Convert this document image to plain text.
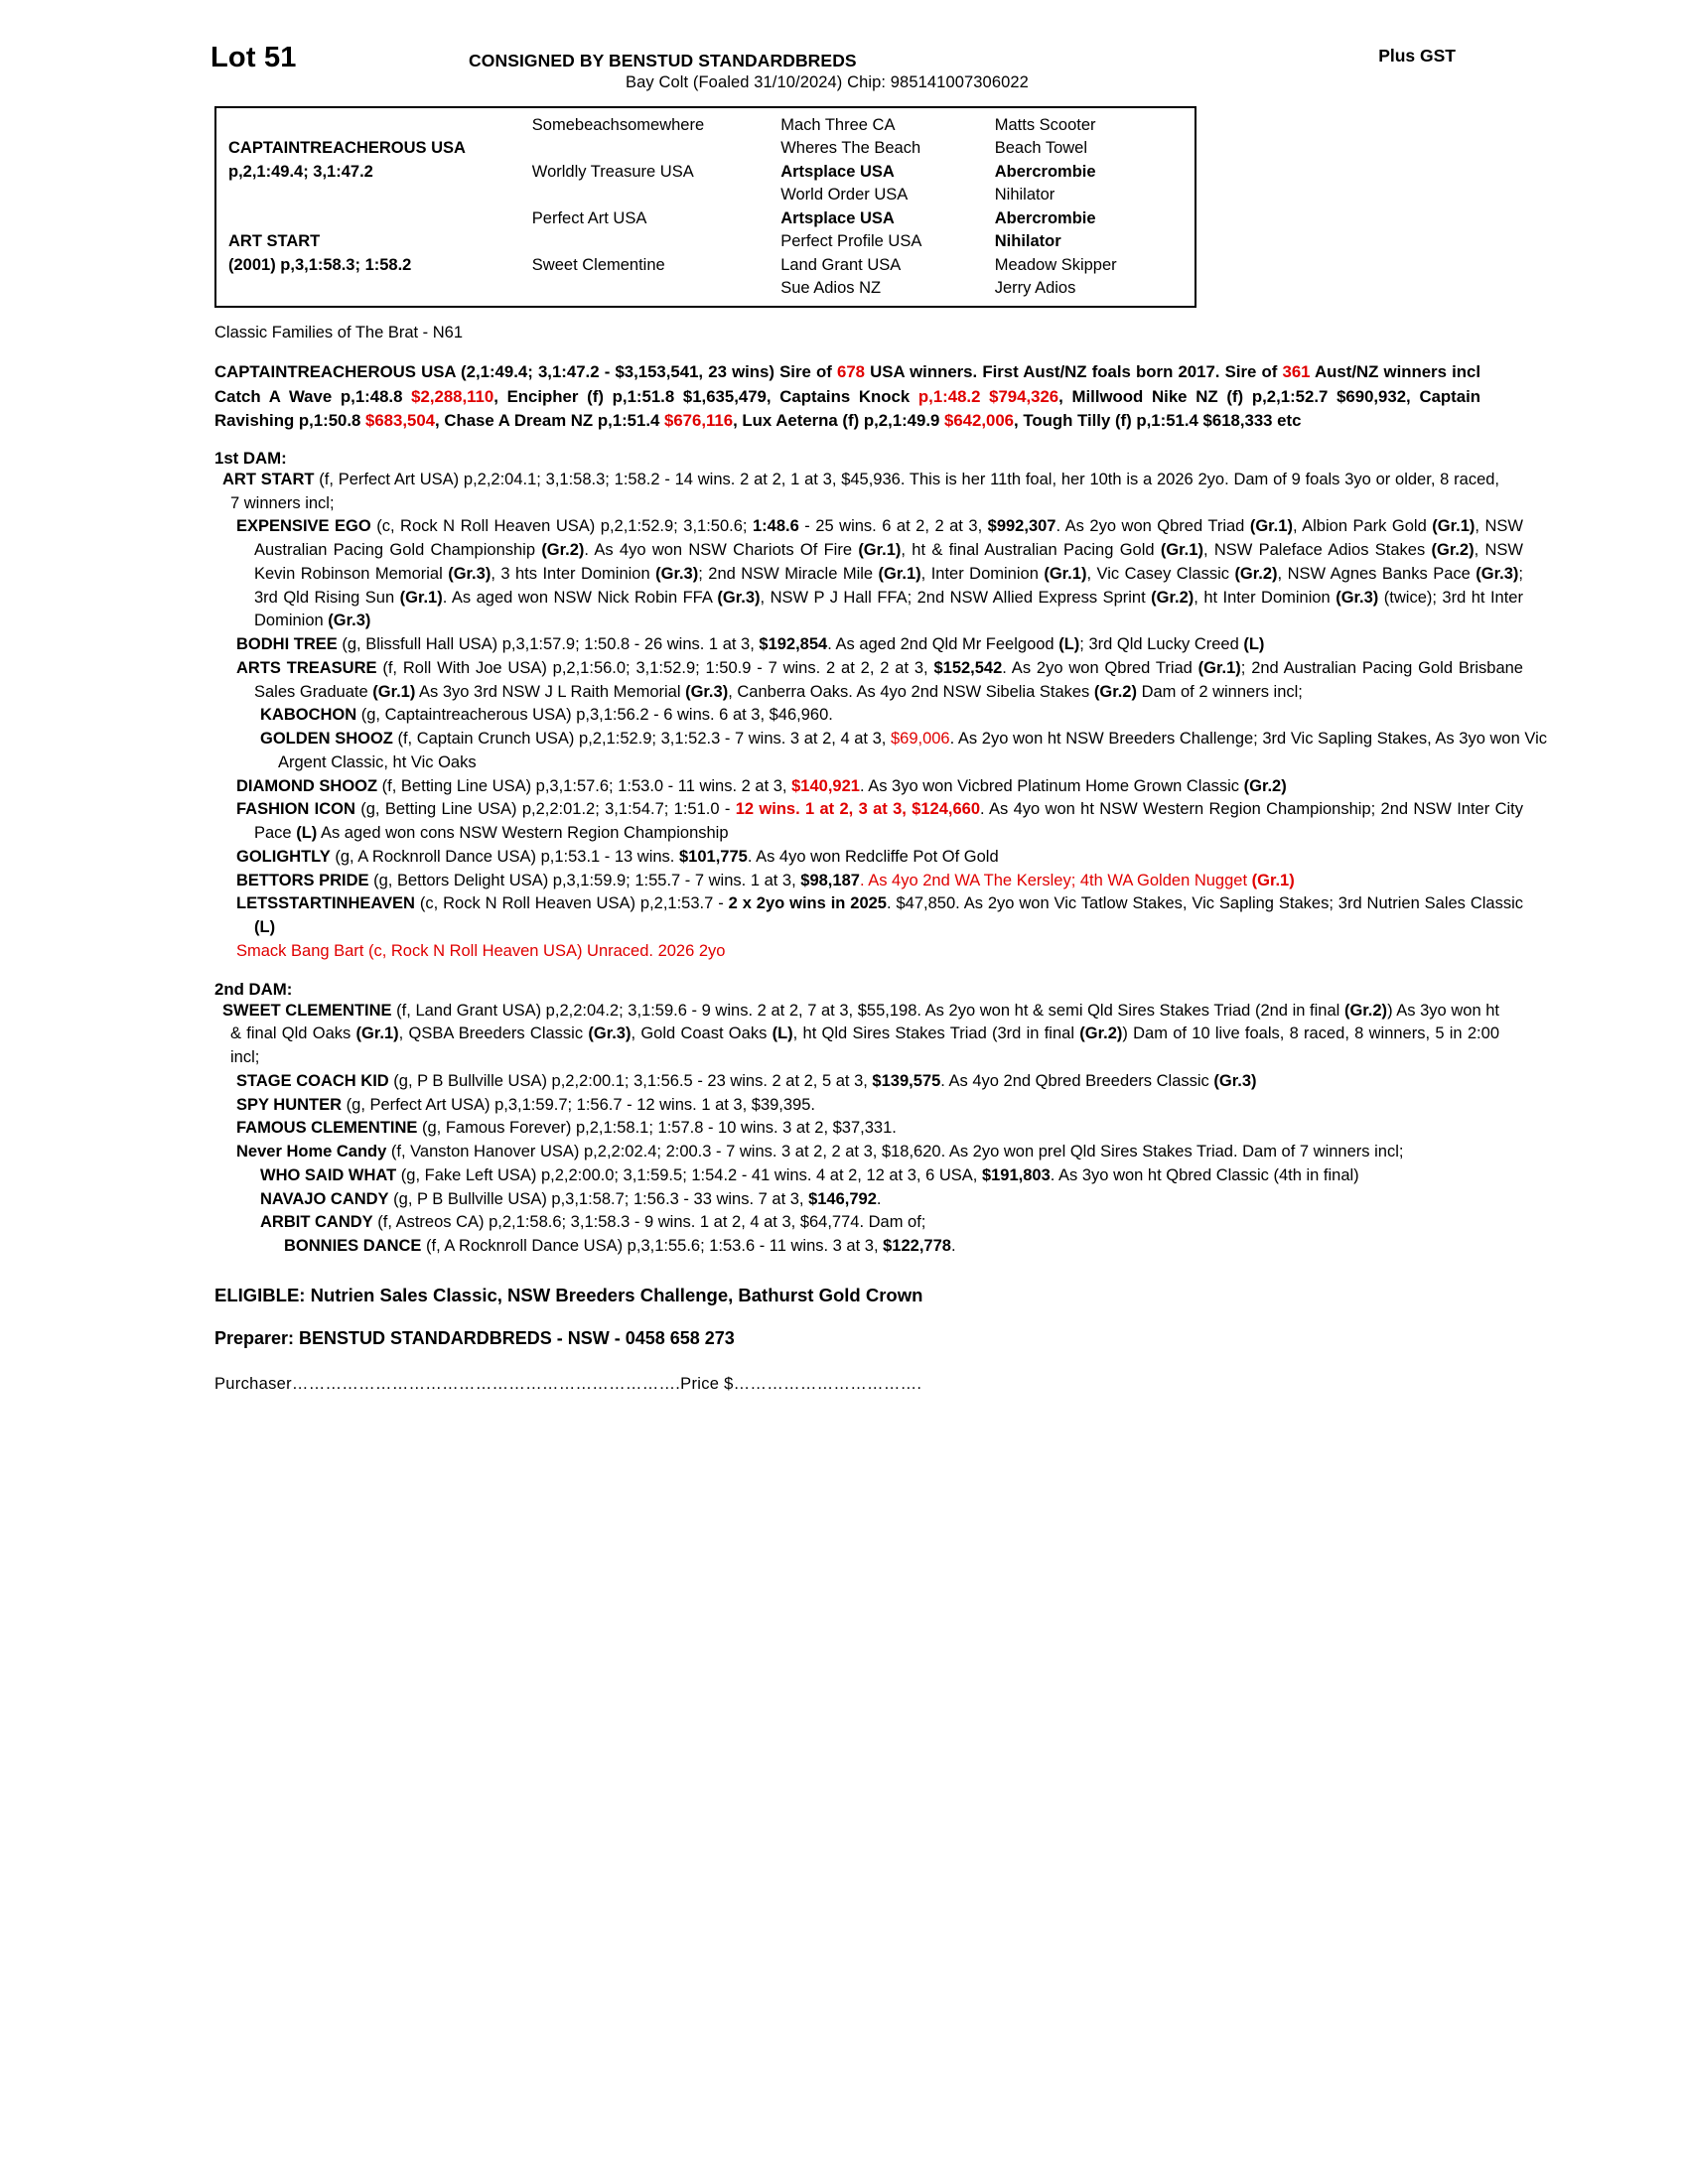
Lot 51	CONSIGNED BY BENSTUD STANDARDBREDS	Plus GST
Bay Colt (Foaled 31/10/2024) Chip: 985141007306022
	Somebeachsomewhere	Mach Three CA	Matts Scooter
CAPTAINTREACHEROUS USA		Wheres The Beach	Beach Towel
p,2,1:49.4; 3,1:47.2	Worldly Treasure USA	Artsplace USA	Abercrombie
		World Order USA	Nihilator
	Perfect Art USA	Artsplace USA	Abercrombie
ART START		Perfect Profile USA	Nihilator
(2001) p,3,1:58.3; 1:58.2	Sweet Clementine	Land Grant USA	Meadow Skipper
		Sue Adios NZ	Jerry Adios
Classic Families of The Brat - N61
CAPTAINTREACHEROUS USA (2,1:49.4; 3,1:47.2 - $3,153,541, 23 wins) Sire of 678 USA winners. First Aust/NZ foals born 2017. Sire of 361 Aust/NZ winners incl Catch A Wave p,1:48.8 $2,288,110, Encipher (f) p,1:51.8 $1,635,479, Captains Knock p,1:48.2 $794,326, Millwood Nike NZ (f) p,2,1:52.7 $690,932, Captain Ravishing p,1:50.8 $683,504, Chase A Dream NZ p,1:51.4 $676,116, Lux Aeterna (f) p,2,1:49.9 $642,006, Tough Tilly (f) p,1:51.4 $618,333 etc
1st DAM:
ART START (f, Perfect Art USA) p,2,2:04.1; 3,1:58.3; 1:58.2 - 14 wins. 2 at 2, 1 at 3, $45,936. This is her 11th foal, her 10th is a 2026 2yo. Dam of 9 foals 3yo or older, 8 raced, 7 winners incl;
EXPENSIVE EGO (c, Rock N Roll Heaven USA) p,2,1:52.9; 3,1:50.6; 1:48.6 - 25 wins. 6 at 2, 2 at 3, $992,307. As 2yo won Qbred Triad (Gr.1), Albion Park Gold (Gr.1), NSW Australian Pacing Gold Championship (Gr.2). As 4yo won NSW Chariots Of Fire (Gr.1), ht & final Australian Pacing Gold (Gr.1), NSW Paleface Adios Stakes (Gr.2), NSW Kevin Robinson Memorial (Gr.3), 3 hts Inter Dominion (Gr.3); 2nd NSW Miracle Mile (Gr.1), Inter Dominion (Gr.1), Vic Casey Classic (Gr.2), NSW Agnes Banks Pace (Gr.3); 3rd Qld Rising Sun (Gr.1). As aged won NSW Nick Robin FFA (Gr.3), NSW P J Hall FFA; 2nd NSW Allied Express Sprint (Gr.2), ht Inter Dominion (Gr.3) (twice); 3rd ht Inter Dominion (Gr.3)
BODHI TREE (g, Blissfull Hall USA) p,3,1:57.9; 1:50.8 - 26 wins. 1 at 3, $192,854. As aged 2nd Qld Mr Feelgood (L); 3rd Qld Lucky Creed (L)
ARTS TREASURE (f, Roll With Joe USA) p,2,1:56.0; 3,1:52.9; 1:50.9 - 7 wins. 2 at 2, 2 at 3, $152,542. As 2yo won Qbred Triad (Gr.1); 2nd Australian Pacing Gold Brisbane Sales Graduate (Gr.1) As 3yo 3rd NSW J L Raith Memorial (Gr.3), Canberra Oaks. As 4yo 2nd NSW Sibelia Stakes (Gr.2) Dam of 2 winners incl;
KABOCHON (g, Captaintreacherous USA) p,3,1:56.2 - 6 wins. 6 at 3, $46,960.
GOLDEN SHOOZ (f, Captain Crunch USA) p,2,1:52.9; 3,1:52.3 - 7 wins. 3 at 2, 4 at 3, $69,006. As 2yo won ht NSW Breeders Challenge; 3rd Vic Sapling Stakes, As 3yo won Vic Argent Classic, ht Vic Oaks
DIAMOND SHOOZ (f, Betting Line USA) p,3,1:57.6; 1:53.0 - 11 wins. 2 at 3, $140,921. As 3yo won Vicbred Platinum Home Grown Classic (Gr.2)
FASHION ICON (g, Betting Line USA) p,2,2:01.2; 3,1:54.7; 1:51.0 - 12 wins. 1 at 2, 3 at 3, $124,660. As 4yo won ht NSW Western Region Championship; 2nd NSW Inter City Pace (L) As aged won cons NSW Western Region Championship
GOLIGHTLY (g, A Rocknroll Dance USA) p,1:53.1 - 13 wins. $101,775. As 4yo won Redcliffe Pot Of Gold
BETTORS PRIDE (g, Bettors Delight USA) p,3,1:59.9; 1:55.7 - 7 wins. 1 at 3, $98,187. As 4yo 2nd WA The Kersley; 4th WA Golden Nugget (Gr.1)
LETSSTARTINHEAVEN (c, Rock N Roll Heaven USA) p,2,1:53.7 - 2 x 2yo wins in 2025. $47,850. As 2yo won Vic Tatlow Stakes, Vic Sapling Stakes; 3rd Nutrien Sales Classic (L)
Smack Bang Bart (c, Rock N Roll Heaven USA) Unraced. 2026 2yo
2nd DAM:
SWEET CLEMENTINE (f, Land Grant USA) p,2,2:04.2; 3,1:59.6 - 9 wins. 2 at 2, 7 at 3, $55,198. As 2yo won ht & semi Qld Sires Stakes Triad (2nd in final (Gr.2)) As 3yo won ht & final Qld Oaks (Gr.1), QSBA Breeders Classic (Gr.3), Gold Coast Oaks (L), ht Qld Sires Stakes Triad (3rd in final (Gr.2)) Dam of 10 live foals, 8 raced, 8 winners, 5 in 2:00 incl;
STAGE COACH KID (g, P B Bullville USA) p,2,2:00.1; 3,1:56.5 - 23 wins. 2 at 2, 5 at 3, $139,575. As 4yo 2nd Qbred Breeders Classic (Gr.3)
SPY HUNTER (g, Perfect Art USA) p,3,1:59.7; 1:56.7 - 12 wins. 1 at 3, $39,395.
FAMOUS CLEMENTINE (g, Famous Forever) p,2,1:58.1; 1:57.8 - 10 wins. 3 at 2, $37,331.
Never Home Candy (f, Vanston Hanover USA) p,2,2:02.4; 2:00.3 - 7 wins. 3 at 2, 2 at 3, $18,620. As 2yo won prel Qld Sires Stakes Triad. Dam of 7 winners incl;
WHO SAID WHAT (g, Fake Left USA) p,2,2:00.0; 3,1:59.5; 1:54.2 - 41 wins. 4 at 2, 12 at 3, 6 USA, $191,803. As 3yo won ht Qbred Classic (4th in final)
NAVAJO CANDY (g, P B Bullville USA) p,3,1:58.7; 1:56.3 - 33 wins. 7 at 3, $146,792.
ARBIT CANDY (f, Astreos CA) p,2,1:58.6; 3,1:58.3 - 9 wins. 1 at 2, 4 at 3, $64,774. Dam of;
BONNIES DANCE (f, A Rocknroll Dance USA) p,3,1:55.6; 1:53.6 - 11 wins. 3 at 3, $122,778.
ELIGIBLE: Nutrien Sales Classic, NSW Breeders Challenge, Bathurst Gold Crown
Preparer: BENSTUD STANDARDBREDS - NSW - 0458 658 273
Purchaser…………………………………………………………….Price $…………………………….
